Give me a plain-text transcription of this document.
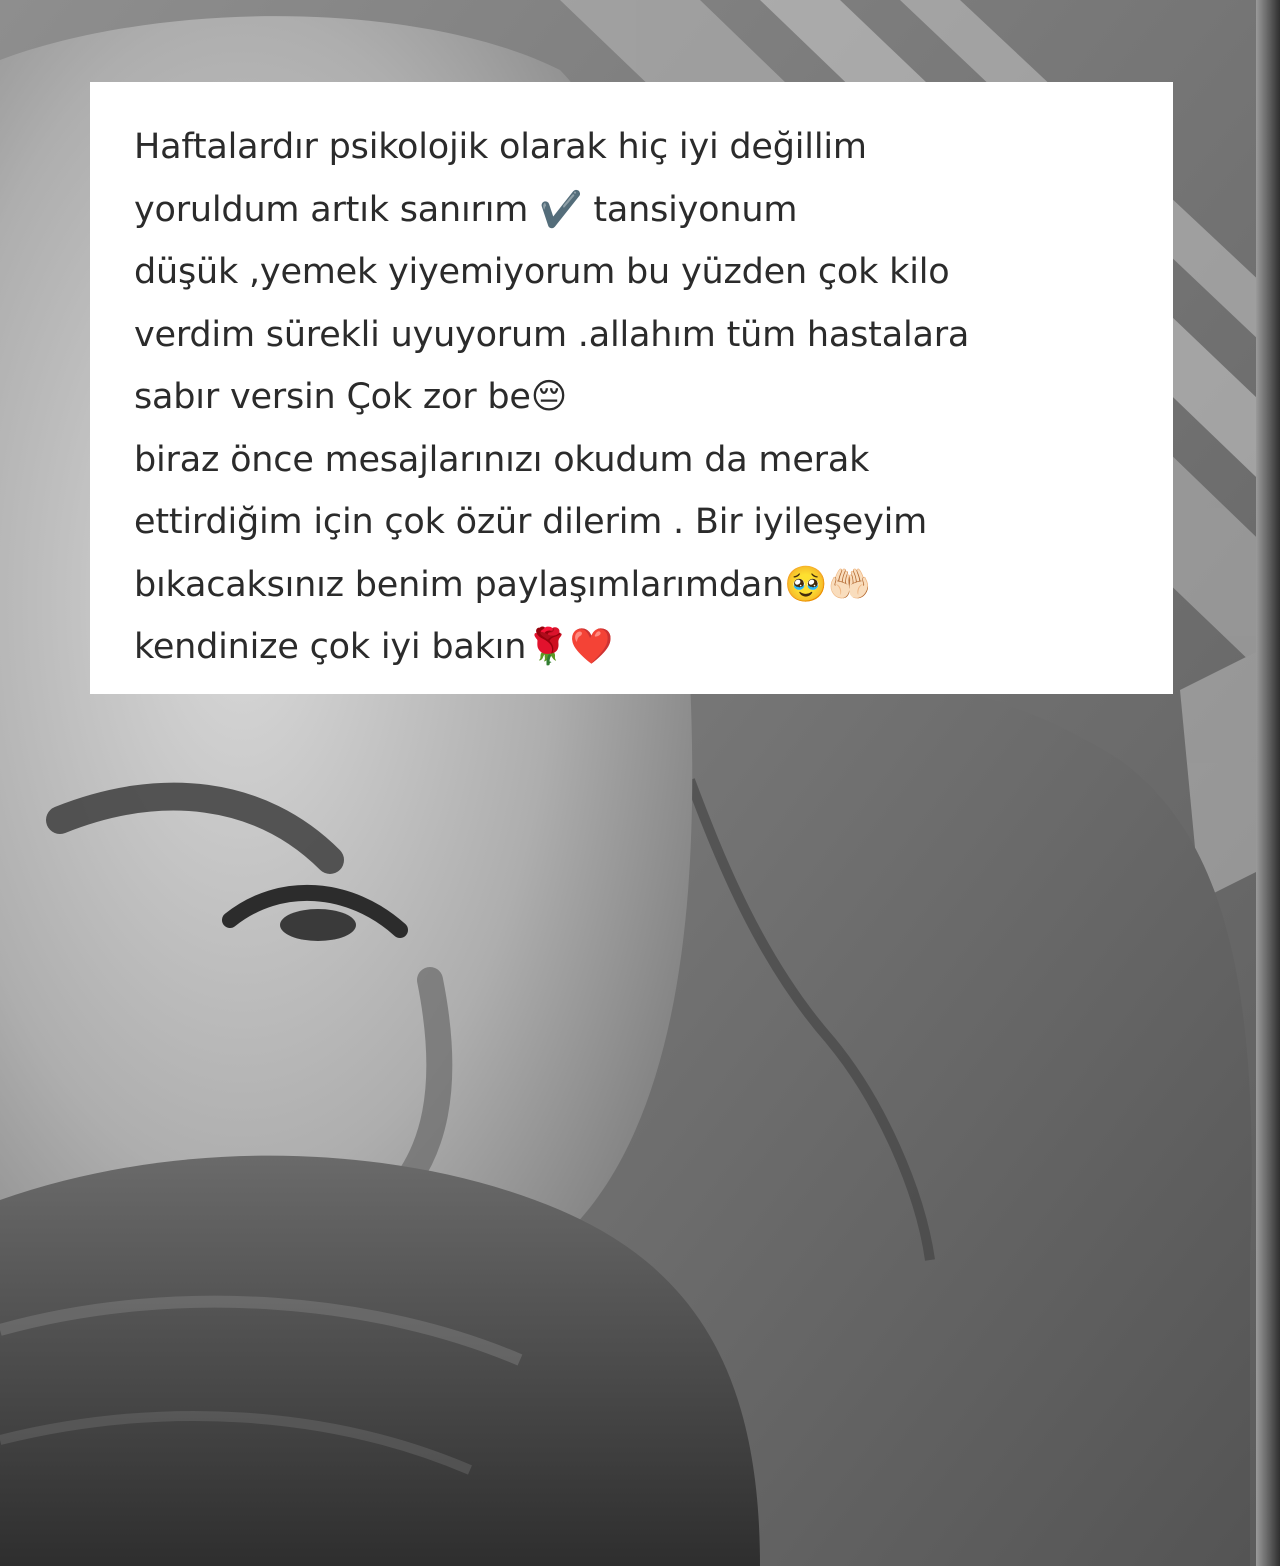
Haftalardır psikolojik olarak hiç iyi değillim
yoruldum artık sanırım ✔️ tansiyonum
düşük ,yemek yiyemiyorum bu yüzden çok kilo
verdim sürekli uyuyorum .allahım tüm hastalara
sabır versin Çok zor be😔
biraz önce mesajlarınızı okudum da merak
ettirdiğim için çok özür dilerim . Bir iyileşeyim
bıkacaksınız benim paylaşımlarımdan🥹🤲🏻
kendinize çok iyi bakın🌹❤️
